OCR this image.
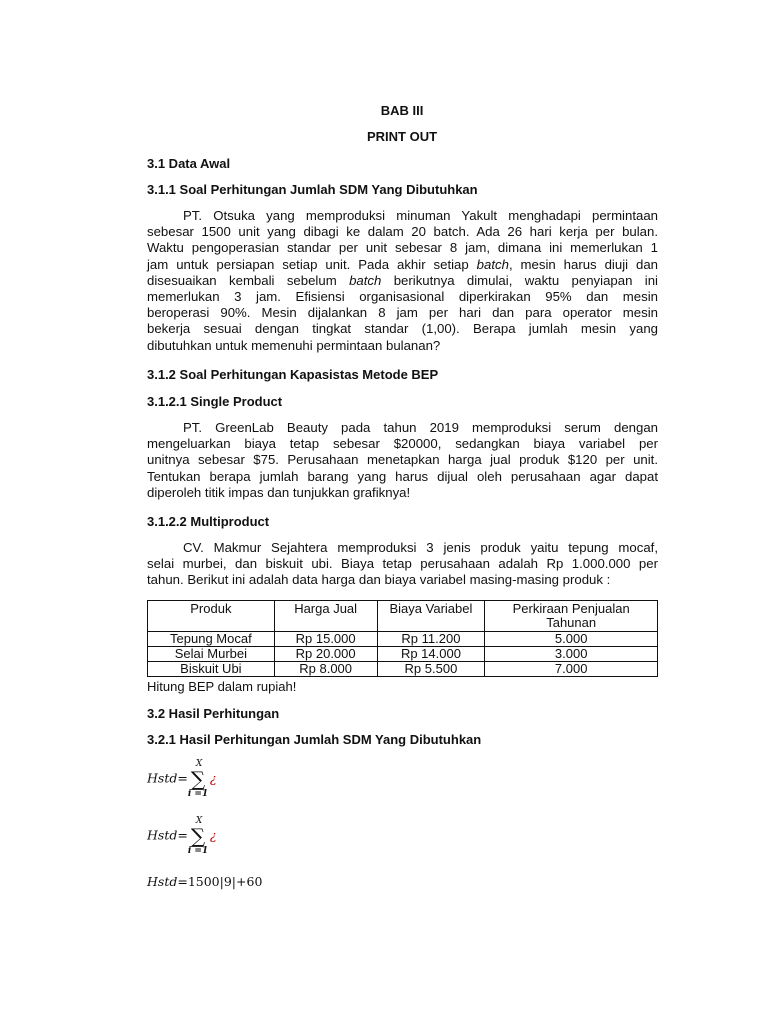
BAB III
PRINT OUT
3.1 Data Awal
3.1.1 Soal Perhitungan Jumlah SDM Yang Dibutuhkan
PT. Otsuka yang memproduksi minuman Yakult menghadapi permintaan
sebesar 1500 unit yang dibagi ke dalam 20 batch. Ada 26 hari kerja per bulan.
Waktu pengoperasian standar per unit sebesar 8 jam, dimana ini memerlukan 1
jam untuk persiapan setiap unit. Pada akhir setiap batch, mesin harus diuji dan
disesuaikan kembali sebelum batch berikutnya dimulai, waktu penyiapan ini
memerlukan 3 jam. Efisiensi organisasional diperkirakan 95% dan mesin
beroperasi 90%. Mesin dijalankan 8 jam per hari dan para operator mesin
bekerja sesuai dengan tingkat standar (1,00). Berapa jumlah mesin yang
dibutuhkan untuk memenuhi permintaan bulanan?
3.1.2 Soal Perhitungan Kapasistas Metode BEP
3.1.2.1 Single Product
PT. GreenLab Beauty pada tahun 2019 memproduksi serum dengan
mengeluarkan biaya tetap sebesar $20000, sedangkan biaya variabel per
unitnya sebesar $75. Perusahaan menetapkan harga jual produk $120 per unit.
Tentukan berapa jumlah barang yang harus dijual oleh perusahaan agar dapat
diperoleh titik impas dan tunjukkan grafiknya!
3.1.2.2 Multiproduct
CV. Makmur Sejahtera memproduksi 3 jenis produk yaitu tepung mocaf,
selai murbei, dan biskuit ubi. Biaya tetap perusahaan adalah Rp 1.000.000 per
tahun. Berikut ini adalah data harga dan biaya variabel masing-masing produk :
Produk	Harga Jual	Biaya Variabel	Perkiraan Penjualan Tahunan
Tepung Mocaf	Rp 15.000	Rp 11.200	5.000
Selai Murbei	Rp 20.000	Rp 14.000	3.000
Biskuit Ubi	Rp 8.000	Rp 5.500	7.000
Hitung BEP dalam rupiah!
3.2 Hasil Perhitungan
3.2.1 Hasil Perhitungan Jumlah SDM Yang Dibutuhkan
Hstd=
X
∑
i =1
¿
Hstd=
X
∑
i =1
¿
Hstd=1500|9|+60
